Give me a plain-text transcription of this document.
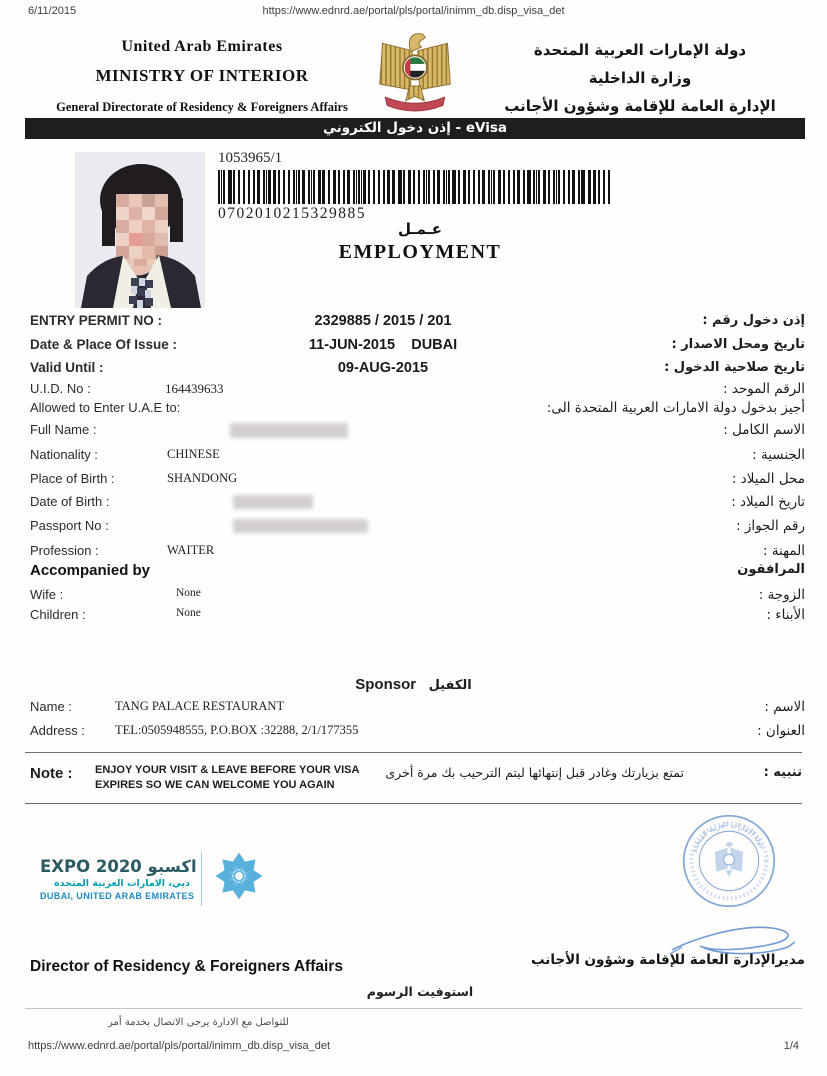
6/11/2015	https://www.ednrd.ae/portal/pls/portal/inimm_db.disp_visa_det
United Arab Emirates
MINISTRY OF INTERIOR
General Directorate of Residency & Foreigners Affairs
دولة الإمارات العربية المتحدة
وزارة الداخلية
الإدارة العامة للإقامة وشؤون الأجانب
إذن دخول الكتروني - eVisa
1053965/1
0702010215329885
عـمـل
EMPLOYMENT
ENTRY PERMIT NO :	2329885 / 2015 / 201	إذن دخول رقم :
Date & Place Of Issue :	11-JUN-2015    DUBAI	تاريخ ومحل الاصدار :
Valid Until :	09-AUG-2015	تاريخ صلاحية الدخول :
U.I.D. No :	164439633	الرقم الموحد :
Allowed to Enter U.A.E to:	أجيز بدخول دولة الامارات العربية المتحدة الى:
Full Name :	الاسم الكامل :
Nationality :	CHINESE	الجنسية :
Place of Birth :	SHANDONG	محل الميلاد :
Date of Birth :	تاريخ الميلاد :
Passport No :	رقم الجواز :
Profession :	WAITER	المهنة :
Accompanied by	المرافقون
Wife :	None	الزوجة :
Children :	None	الأبناء :
Sponsor الكفيل
Name :	TANG PALACE RESTAURANT	الاسم :
Address : TEL:0505948555, P.O.BOX :32288, 2/1/177355	العنوان :
Note : ENJOY YOUR VISIT & LEAVE BEFORE YOUR VISA EXPIRES SO WE CAN WELCOME YOU AGAIN
تمتع بزيارتك وغادر قبل إنتهائها ليتم الترحيب بك مرة أخرى	تنبيه :
EXPO 2020 اكسبو
دبي، الامارات العربية المتحدة
DUBAI, UNITED ARAB EMIRATES
دولة الإمارات العربية المتحدة
Director of Residency & Foreigners Affairs	مديرالإدارة العامة للإقامة وشؤون الأجانب
استوفيت الرسوم
للتواصل مع الادارة يرجى الاتصال بخدمة أمر
https://www.ednrd.ae/portal/pls/portal/inimm_db.disp_visa_det	1/4
